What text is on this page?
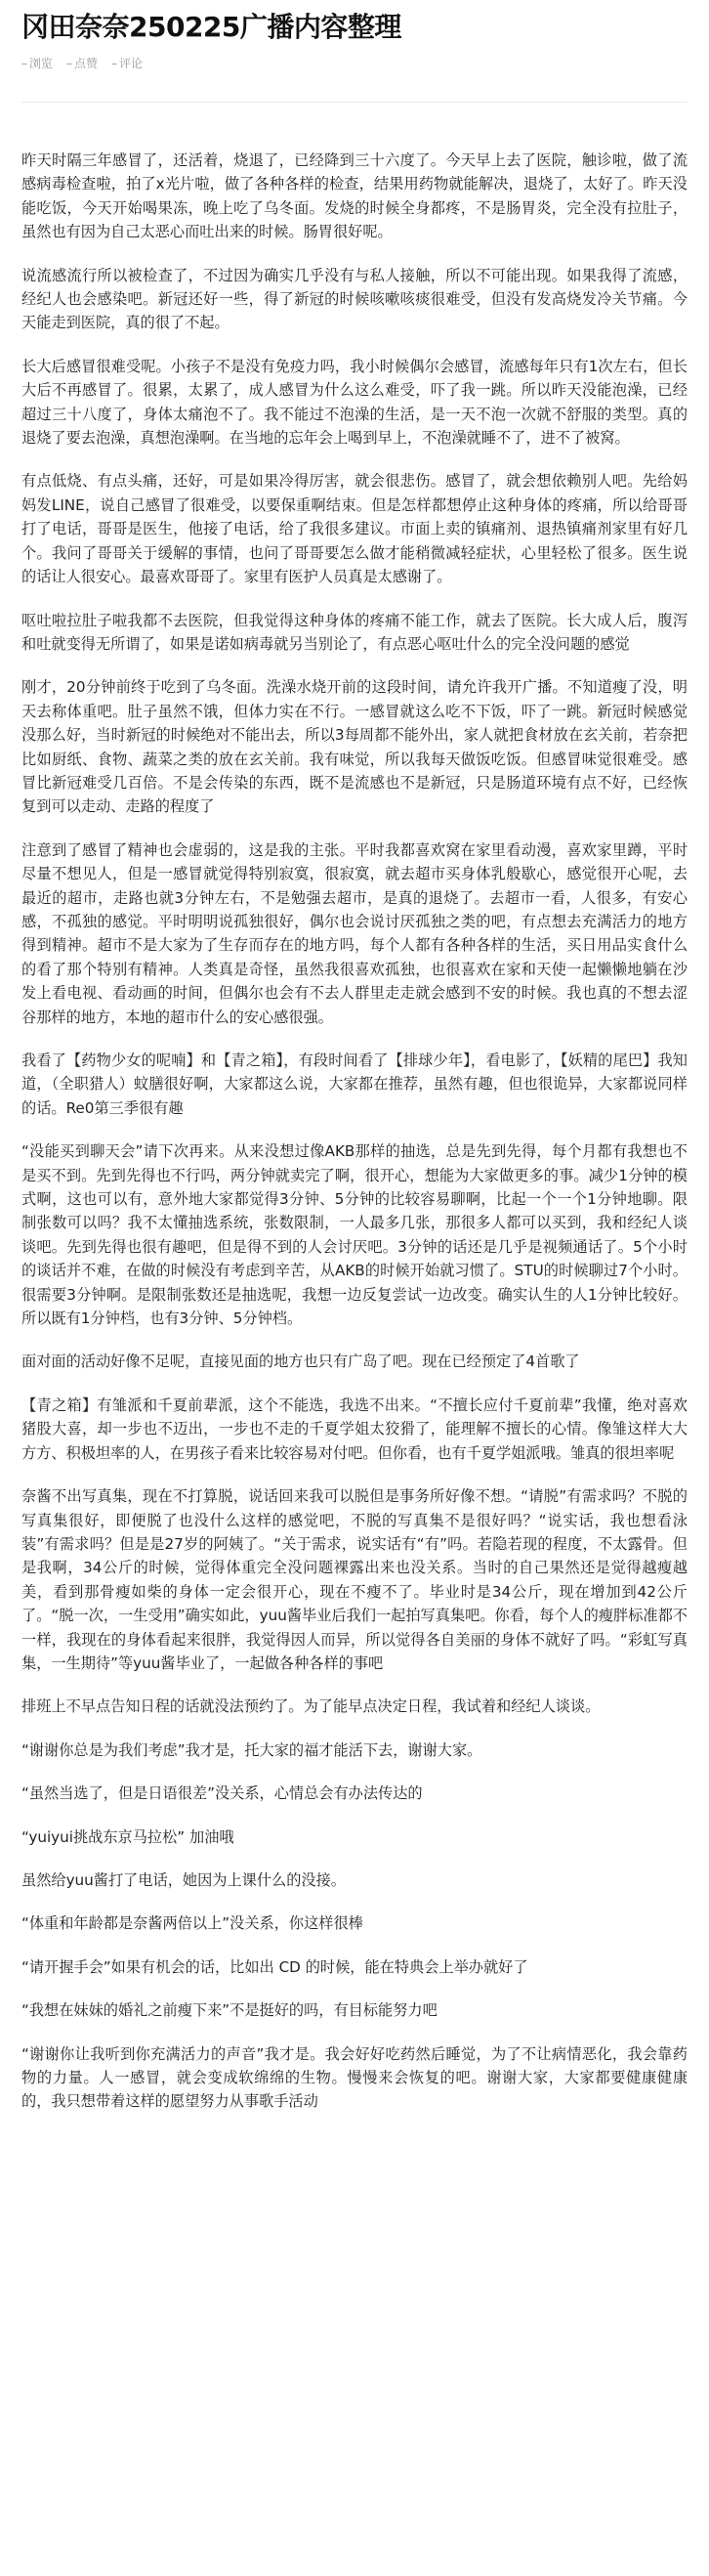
冈田奈奈250225广播内容整理
– 浏览 – 点赞 – 评论

昨天时隔三年感冒了，还活着，烧退了，已经降到三十六度了。今天早上去了医院，触诊啦，做了流感病毒检查啦，拍了x光片啦，做了各种各样的检查，结果用药物就能解决，退烧了，太好了。昨天没能吃饭，今天开始喝果冻，晚上吃了乌冬面。发烧的时候全身都疼，不是肠胃炎，完全没有拉肚子，虽然也有因为自己太恶心而吐出来的时候。肠胃很好呢。

说流感流行所以被检查了，不过因为确实几乎没有与私人接触，所以不可能出现。如果我得了流感，经纪人也会感染吧。新冠还好一些，得了新冠的时候咳嗽咳痰很难受，但没有发高烧发冷关节痛。今天能走到医院，真的很了不起。

长大后感冒很难受呢。小孩子不是没有免疫力吗，我小时候偶尔会感冒，流感每年只有1次左右，但长大后不再感冒了。很累，太累了，成人感冒为什么这么难受，吓了我一跳。所以昨天没能泡澡，已经超过三十八度了，身体太痛泡不了。我不能过不泡澡的生活，是一天不泡一次就不舒服的类型。真的退烧了要去泡澡，真想泡澡啊。在当地的忘年会上喝到早上，不泡澡就睡不了，进不了被窝。

有点低烧、有点头痛，还好，可是如果冷得厉害，就会很悲伤。感冒了，就会想依赖别人吧。先给妈妈发LINE，说自己感冒了很难受，以要保重啊结束。但是怎样都想停止这种身体的疼痛，所以给哥哥打了电话，哥哥是医生，他接了电话，给了我很多建议。市面上卖的镇痛剂、退热镇痛剂家里有好几个。我问了哥哥关于缓解的事情，也问了哥哥要怎么做才能稍微减轻症状，心里轻松了很多。医生说的话让人很安心。最喜欢哥哥了。家里有医护人员真是太感谢了。

呕吐啦拉肚子啦我都不去医院，但我觉得这种身体的疼痛不能工作，就去了医院。长大成人后，腹泻和吐就变得无所谓了，如果是诺如病毒就另当别论了，有点恶心呕吐什么的完全没问题的感觉

刚才，20分钟前终于吃到了乌冬面。洗澡水烧开前的这段时间，请允许我开广播。不知道瘦了没，明天去称体重吧。肚子虽然不饿，但体力实在不行。一感冒就这么吃不下饭，吓了一跳。新冠时候感觉没那么好，当时新冠的时候绝对不能出去，所以3每周都不能外出，家人就把食材放在玄关前，若奈把比如厨纸、食物、蔬菜之类的放在玄关前。我有味觉，所以我每天做饭吃饭。但感冒味觉很难受。感冒比新冠难受几百倍。不是会传染的东西，既不是流感也不是新冠，只是肠道环境有点不好，已经恢复到可以走动、走路的程度了

注意到了感冒了精神也会虚弱的，这是我的主张。平时我都喜欢窝在家里看动漫，喜欢家里蹲，平时尽量不想见人，但是一感冒就觉得特别寂寞，很寂寞，就去超市买身体乳般歇心，感觉很开心呢，去最近的超市，走路也就3分钟左右，不是勉强去超市，是真的退烧了。去超市一看，人很多，有安心感，不孤独的感觉。平时明明说孤独很好，偶尔也会说讨厌孤独之类的吧，有点想去充满活力的地方得到精神。超市不是大家为了生存而存在的地方吗，每个人都有各种各样的生活，买日用品实食什么的看了那个特别有精神。人类真是奇怪，虽然我很喜欢孤独，也很喜欢在家和天使一起懒懒地躺在沙发上看电视、看动画的时间，但偶尔也会有不去人群里走走就会感到不安的时候。我也真的不想去涩谷那样的地方，本地的超市什么的安心感很强。

我看了【药物少女的呢喃】和【青之箱】，有段时间看了【排球少年】，看电影了，【妖精的尾巴】我知道，（全职猎人）蚊膳很好啊，大家都这么说，大家都在推荐，虽然有趣，但也很诡异，大家都说同样的话。Re0第三季很有趣

“没能买到聊天会”请下次再来。从来没想过像AKB那样的抽选，总是先到先得，每个月都有我想也不是买不到。先到先得也不行吗，两分钟就卖完了啊，很开心，想能为大家做更多的事。减少1分钟的模式啊，这也可以有，意外地大家都觉得3分钟、5分钟的比较容易聊啊，比起一个一个1分钟地聊。限制张数可以吗？我不太懂抽选系统，张数限制，一人最多几张，那很多人都可以买到，我和经纪人谈谈吧。先到先得也很有趣吧，但是得不到的人会讨厌吧。3分钟的话还是几乎是视频通话了。5个小时的谈话并不难，在做的时候没有考虑到辛苦，从AKB的时候开始就习惯了。STU的时候聊过7个小时。很需要3分钟啊。是限制张数还是抽选呢，我想一边反复尝试一边改变。确实认生的人1分钟比较好。所以既有1分钟档，也有3分钟、5分钟档。

面对面的活动好像不足呢，直接见面的地方也只有广岛了吧。现在已经预定了4首歌了

【青之箱】有雏派和千夏前辈派，这个不能选，我选不出来。“不擅长应付千夏前辈”我懂，绝对喜欢猪股大喜，却一步也不迈出，一步也不走的千夏学姐太狡猾了，能理解不擅长的心情。像雏这样大大方方、积极坦率的人，在男孩子看来比较容易对付吧。但你看，也有千夏学姐派哦。雏真的很坦率呢

奈酱不出写真集，现在不打算脱，说话回来我可以脱但是事务所好像不想。“请脱”有需求吗？不脱的写真集很好，即便脱了也没什么这样的感觉吧，不脱的写真集不是很好吗？“说实话，我也想看泳装”有需求吗？但是是27岁的阿姨了。“关于需求，说实话有“有”吗。若隐若现的程度，不太露骨。但是我啊，34公斤的时候，觉得体重完全没问题裸露出来也没关系。当时的自己果然还是觉得越瘦越美，看到那骨瘦如柴的身体一定会很开心，现在不瘦不了。毕业时是34公斤，现在增加到42公斤了。“脱一次，一生受用”确实如此，yuu酱毕业后我们一起拍写真集吧。你看，每个人的瘦胖标准都不一样，我现在的身体看起来很胖，我觉得因人而异，所以觉得各自美丽的身体不就好了吗。“彩虹写真集，一生期待”等yuu酱毕业了，一起做各种各样的事吧

排班上不早点告知日程的话就没法预约了。为了能早点决定日程，我试着和经纪人谈谈。

“谢谢你总是为我们考虑”我才是，托大家的福才能活下去，谢谢大家。

“虽然当选了，但是日语很差”没关系，心情总会有办法传达的

“yuiyui挑战东京马拉松” 加油哦

虽然给yuu酱打了电话，她因为上课什么的没接。

“体重和年龄都是奈酱两倍以上”没关系，你这样很棒

“请开握手会”如果有机会的话，比如出 CD 的时候，能在特典会上举办就好了

“我想在妹妹的婚礼之前瘦下来”不是挺好的吗，有目标能努力吧

“谢谢你让我听到你充满活力的声音”我才是。我会好好吃药然后睡觉，为了不让病情恶化，我会靠药物的力量。人一感冒，就会变成软绵绵的生物。慢慢来会恢复的吧。谢谢大家，大家都要健康健康的，我只想带着这样的愿望努力从事歌手活动
